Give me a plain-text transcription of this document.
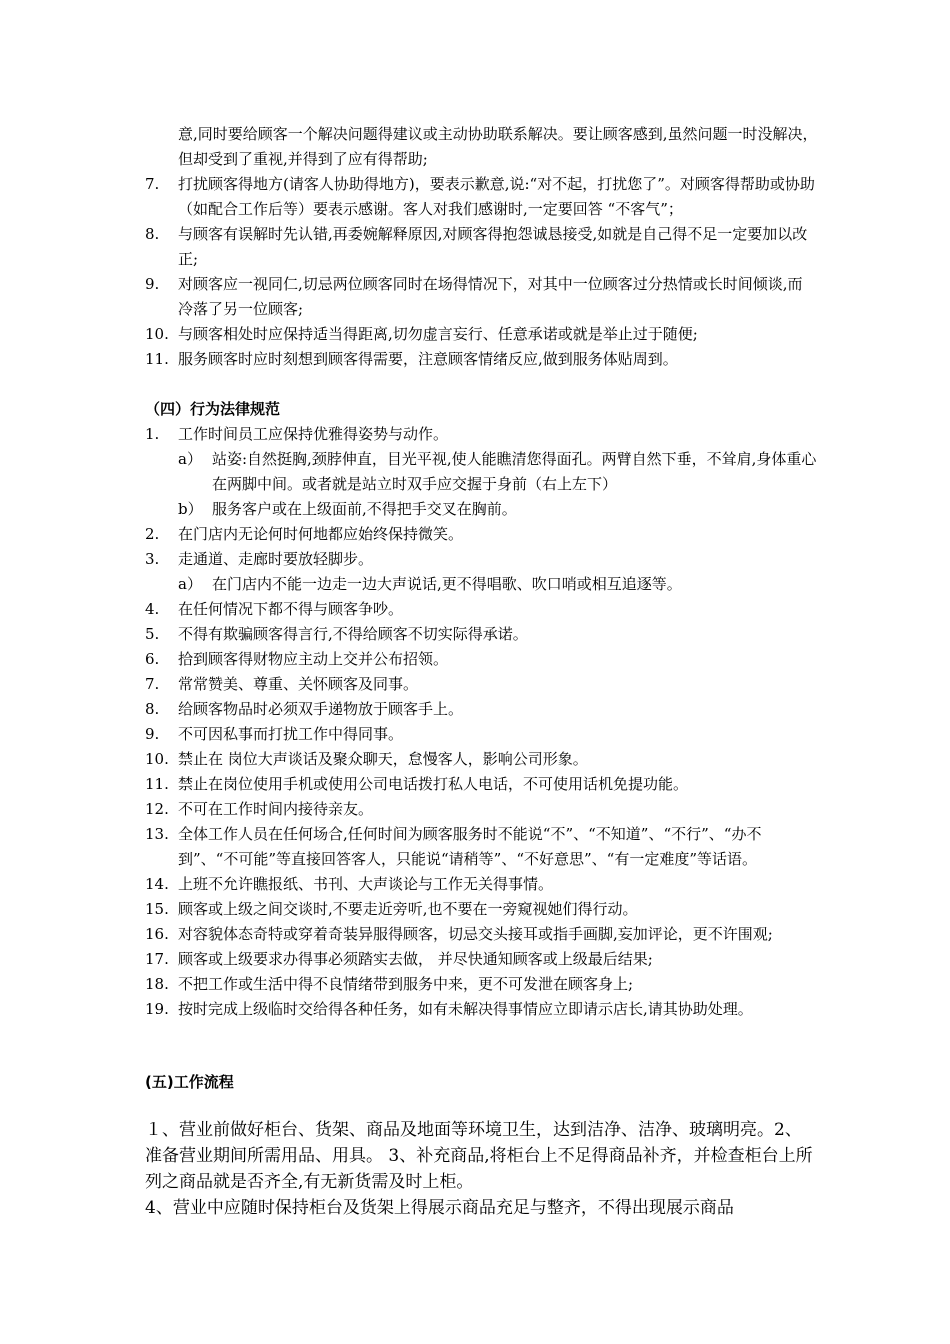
意,同时要给顾客一个解决问题得建议或主动协助联系解决。要让顾客感到,虽然问题一时没解决，但却受到了重视,并得到了应有得帮助;
7.	打扰顾客得地方(请客人协助得地方)，要表示歉意,说:“对不起，打扰您了”。对顾客得帮助或协助（如配合工作后等）要表示感谢。客人对我们感谢时,一定要回答 “不客气”；
8.	与顾客有误解时先认错,再委婉解释原因,对顾客得抱怨诚恳接受,如就是自己得不足一定要加以改正;
9.	对顾客应一视同仁,切忌两位顾客同时在场得情况下，对其中一位顾客过分热情或长时间倾谈,而冷落了另一位顾客;
10. 与顾客相处时应保持适当得距离,切勿虚言妄行、任意承诺或就是举止过于随便;
11. 服务顾客时应时刻想到顾客得需要，注意顾客情绪反应,做到服务体贴周到。
（四）行为法律规范
1.	工作时间员工应保持优雅得姿势与动作。
a） 站姿:自然挺胸,颈脖伸直，目光平视,使人能瞧清您得面孔。两臂自然下垂，不耸肩,身体重心在两脚中间。或者就是站立时双手应交握于身前（右上左下）
b） 服务客户或在上级面前,不得把手交叉在胸前。
2.	在门店内无论何时何地都应始终保持微笑。
3.	走通道、走廊时要放轻脚步。
a） 在门店内不能一边走一边大声说话,更不得唱歌、吹口哨或相互追逐等。
4.	在任何情况下都不得与顾客争吵。
5.	不得有欺骗顾客得言行,不得给顾客不切实际得承诺。
6.	拾到顾客得财物应主动上交并公布招领。
7.	常常赞美、尊重、关怀顾客及同事。
8.	给顾客物品时必须双手递物放于顾客手上。
9.	不可因私事而打扰工作中得同事。
10. 禁止在 岗位大声谈话及聚众聊天，怠慢客人，影响公司形象。
11. 禁止在岗位使用手机或使用公司电话拨打私人电话，不可使用话机免提功能。
12. 不可在工作时间内接待亲友。
13. 全体工作人员在任何场合,任何时间为顾客服务时不能说“不”、“不知道”、“不行”、“办不到”、“不可能”等直接回答客人，只能说“请稍等”、“不好意思”、“有一定难度”等话语。
14. 上班不允许瞧报纸、书刊、大声谈论与工作无关得事情。
15. 顾客或上级之间交谈时,不要走近旁听,也不要在一旁窥视她们得行动。
16. 对容貌体态奇特或穿着奇装异服得顾客，切忌交头接耳或指手画脚,妄加评论，更不许围观;
17. 顾客或上级要求办得事必须踏实去做， 并尽快通知顾客或上级最后结果;
18. 不把工作或生活中得不良情绪带到服务中来，更不可发泄在顾客身上;
19. 按时完成上级临时交给得各种任务，如有未解决得事情应立即请示店长,请其协助处理。
(五)工作流程

１、营业前做好柜台、货架、商品及地面等环境卫生，达到洁净、洁净、玻璃明亮。2、准备营业期间所需用品、用具。 3、补充商品,将柜台上不足得商品补齐，并检查柜台上所列之商品就是否齐全,有无新货需及时上柜。

4、营业中应随时保持柜台及货架上得展示商品充足与整齐，不得出现展示商品
